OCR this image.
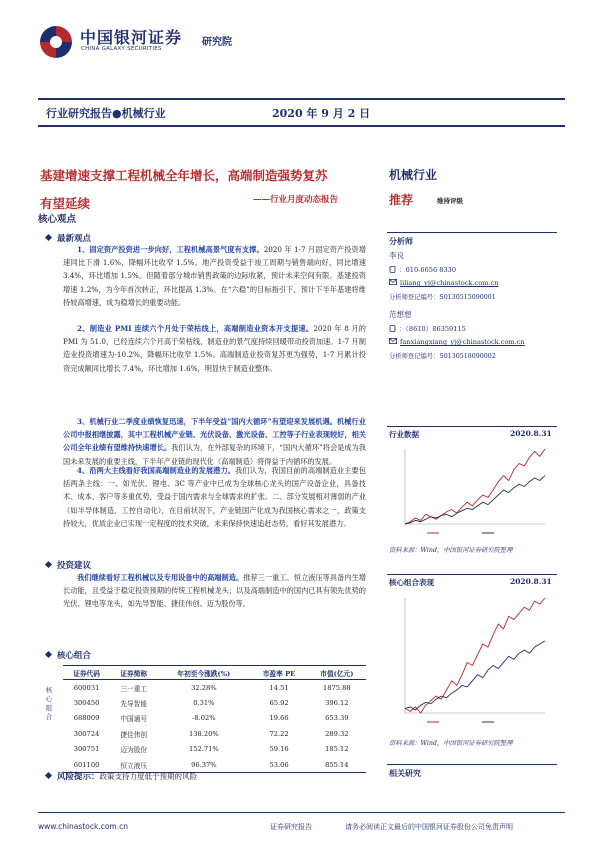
中国银河证券
CHINA GALAXY SECURITIES
研究院
行业研究报告●机械行业	2020 年 9 月 2 日
基建增速支撑工程机械全年增长，高端制造强势复苏
有望延续	——行业月度动态报告
核心观点
最新观点
1、固定资产投资进一步向好，工程机械高景气度有支撑。2020 年 1-7 月固定资产投资增速同比下滑 1.6%，降幅环比收窄 1.5%。地产投资受益于竣工周期与销售端向好，同比增速 3.4%，环比增加 1.5%。但随着部分城市销售政策的边际收紧，预计未来空间有限。基建投资增速 1.2%，为今年首次转正，环比提高 1.3%。在“六稳”的目标指引下，预计下半年基建将维持较高增速，成为稳增长的重要动能。
2、制造业 PMI 连续六个月处于荣枯线上，高端制造业资本开支提速。2020 年 8 月的 PMI 为 51.0，已经连续六个月高于荣枯线，制造业的景气度持续回暖带动投资加速。1-7 月制造业投资增速为-10.2%，降幅环比收窄 1.5%。高端制造业投资复苏更为强势，1-7 月累计投资完成额同比增长 7.4%，环比增加 1.6%，明显快于制造业整体。
3、机械行业二季度业绩恢复迅速，下半年受益“国内大循环”有望迎来发展机遇。机械行业公司中报相继披露，其中工程机械产业链、光伏设备、激光设备、工控等子行业表现较好，相关公司全年业绩有望维持快速增长。我们认为，在外部复杂的环境下，“国内大循环”将会是成为我国未来发展的重要主线，下半年产业链的现代化（高端制造）将得益于内循环的发展。
4、沿两大主线看好我国高端制造业的发展潜力。我们认为，我国目前的高端制造业主要包括两条主线：一、如光伏、锂电、3C 等产业中已成为全球核心龙头的国产设备企业，具备技术、成本、客户等多重优势，受益于国内需求与全球需求的扩张。二、部分发展相对薄弱的产业（如半导体制造、工控自动化），在目前状况下，产业链国产化成为我国核心需求之一，政策支持较大，优质企业已实现一定程度的技术突破，未来保持快速追赶态势，看好其发展潜力。
投资建议
我们继续看好工程机械以及专用设备中的高端制造。推荐三一重工、恒立液压等具备内生增长动能，且受益于稳定投资预期的传统工程机械龙头；以及高端制造中的国内已具有领先优势的光伏、锂电等龙头，如先导智能、捷佳伟创、迈为股份等。
核心组合
核
心
组
合
证券代码	证券简称	年初至今涨跌(%)	市盈率 PE	市值(亿元)
600031	三一重工	32.28%	14.51	1875.88
300450	先导智能	0.31%	65.92	396.12
688009	中国通号	-8.02%	19.66	653.39
300724	捷佳伟创	138.20%	72.22	289.32
300751	迈为股份	152.71%	59.16	185.12
601100	恒立液压	96.37%	53.06	855.14
风险提示：政策支持力度低于预期的风险
机械行业
推荐	维持评级
分析师
李良
：010-6656 8330
liliang_yj@chinastock.com.cn
分析师登记编号：S0130515090001
范想想
：（8610）86359115
fanxiangxiang_yj@chinastock.com.cn
分析师登记编号：S0130518090002
行业数据	2020.8.31
资料来源：Wind，中国银河证券研究院整理
核心组合表现	2020.8.31
资料来源：Wind，中国银河证券研究院整理
相关研究
www.chinastock.com.cn	证券研究报告	请务必阅读正文最后的中国银河证券股份公司免责声明
